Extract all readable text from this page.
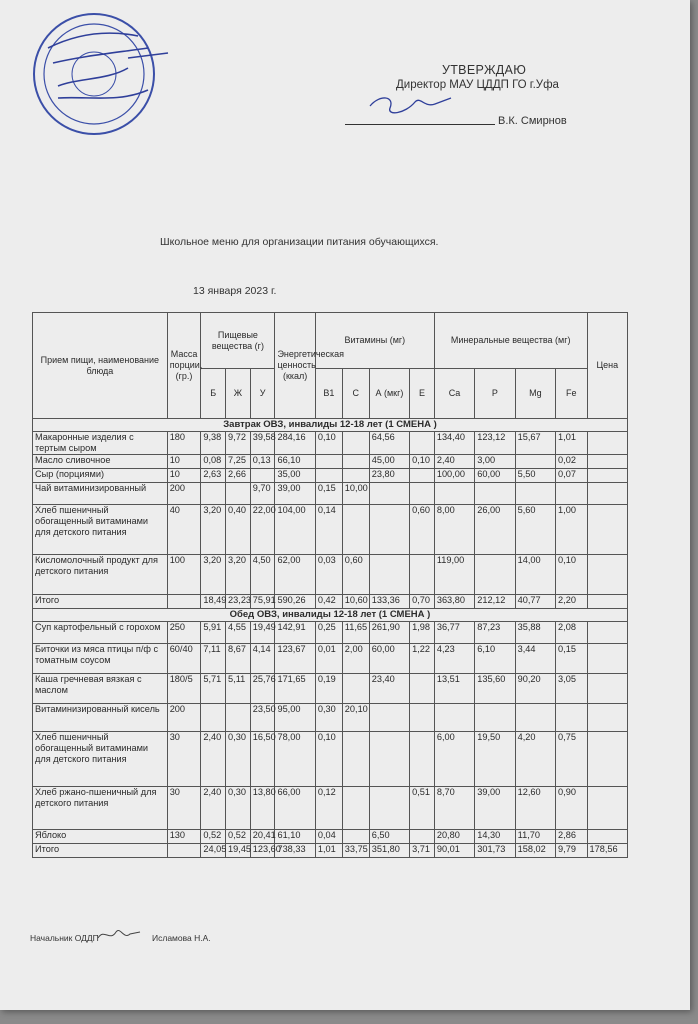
УТВЕРЖДАЮ
Директор МАУ ЦДДП ГО г.Уфа
В.К. Смирнов
Школьное меню для организации питания обучающихся.
13 января 2023 г.
Прием пищи, наименование блюда	Масса порции, (гр.)	Пищевые вещества (г)			Энергетическая ценность (ккал)	Витамины (мг)				Минеральные вещества (мг)				Цена
		Б	Ж	У		B1	C	А (мкг)	Е	Ca	P	Mg	Fe	
Завтрак ОВЗ, инвалиды 12-18 лет (1 СМЕНА )														
Макаронные изделия с тертым сыром	180	9,38	9,72	39,58	284,16	0,10		64,56		134,40	123,12	15,67	1,01	
Масло сливочное	10	0,08	7,25	0,13	66,10			45,00	0,10	2,40	3,00		0,02	
Сыр (порциями)	10	2,63	2,66		35,00			23,80		100,00	60,00	5,50	0,07	
Чай витаминизированный	200			9,70	39,00	0,15	10,00							
Хлеб пшеничный обогащенный витаминами для детского питания	40	3,20	0,40	22,00	104,00	0,14			0,60	8,00	26,00	5,60	1,00	
Кисломолочный продукт для детского питания	100	3,20	3,20	4,50	62,00	0,03	0,60			119,00		14,00	0,10	
Итого		18,49	23,23	75,91	590,26	0,42	10,60	133,36	0,70	363,80	212,12	40,77	2,20	
Обед ОВЗ, инвалиды 12-18 лет (1 СМЕНА )														
Суп картофельный с горохом	250	5,91	4,55	19,49	142,91	0,25	11,65	261,90	1,98	36,77	87,23	35,88	2,08	
Биточки из мяса птицы п/ф с томатным соусом	60/40	7,11	8,67	4,14	123,67	0,01	2,00	60,00	1,22	4,23	6,10	3,44	0,15	
Каша гречневая вязкая с маслом	180/5	5,71	5,11	25,76	171,65	0,19		23,40		13,51	135,60	90,20	3,05	
Витаминизированный кисель	200			23,50	95,00	0,30	20,10							
Хлеб пшеничный обогащенный витаминами для детского питания	30	2,40	0,30	16,50	78,00	0,10				6,00	19,50	4,20	0,75	
Хлеб ржано-пшеничный для детского питания	30	2,40	0,30	13,80	66,00	0,12			0,51	8,70	39,00	12,60	0,90	
Яблоко	130	0,52	0,52	20,41	61,10	0,04		6,50		20,80	14,30	11,70	2,86	
Итого		24,05	19,45	123,60	738,33	1,01	33,75	351,80	3,71	90,01	301,73	158,02	9,79	178,56
Начальник ОДДП	Исламова Н.А.
